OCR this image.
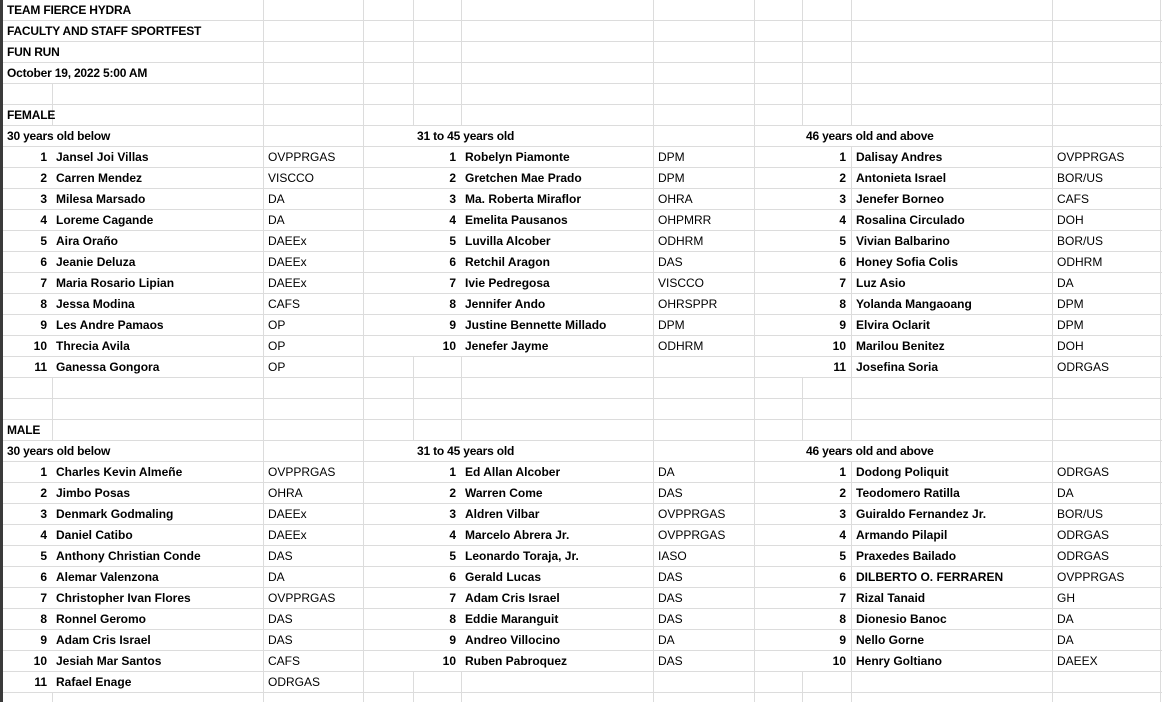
TEAM FIERCE HYDRA
FACULTY AND STAFF SPORTFEST
FUN RUN
October 19, 2022 5:00 AM
FEMALE
30 years old below
1 Jansel Joi Villas	OVPPRGAS
2 Carren Mendez	VISCCO
3 Milesa Marsado	DA
4 Loreme Cagande	DA
5 Aira Oraño	DAEEx
6 Jeanie Deluza	DAEEx
7 Maria Rosario Lipian	DAEEx
8 Jessa Modina	CAFS
9 Les Andre Pamaos	OP
10 Threcia Avila	OP
11 Ganessa Gongora	OP
31 to 45 years old
1 Robelyn Piamonte	DPM
2 Gretchen Mae Prado	DPM
3 Ma. Roberta Miraflor	OHRA
4 Emelita Pausanos	OHPMRR
5 Luvilla Alcober	ODHRM
6 Retchil Aragon	DAS
7 Ivie Pedregosa	VISCCO
8 Jennifer Ando	OHRSPPR
9 Justine Bennette Millado	DPM
10 Jenefer Jayme	ODHRM
46 years old and above
1 Dalisay Andres	OVPPRGAS
2 Antonieta Israel	BOR/US
3 Jenefer Borneo	CAFS
4 Rosalina Circulado	DOH
5 Vivian Balbarino	BOR/US
6 Honey Sofia Colis	ODHRM
7 Luz Asio	DA
8 Yolanda Mangaoang	DPM
9 Elvira Oclarit	DPM
10 Marilou Benitez	DOH
11 Josefina Soria	ODRGAS
MALE
30 years old below
1 Charles Kevin Almeñe	OVPPRGAS
2 Jimbo Posas	OHRA
3 Denmark Godmaling	DAEEx
4 Daniel Catibo	DAEEx
5 Anthony Christian Conde	DAS
6 Alemar Valenzona	DA
7 Christopher Ivan Flores	OVPPRGAS
8 Ronnel Geromo	DAS
9 Adam Cris Israel	DAS
10 Jesiah Mar Santos	CAFS
11 Rafael Enage	ODRGAS
31 to 45 years old
1 Ed Allan Alcober	DA
2 Warren Come	DAS
3 Aldren Vilbar	OVPPRGAS
4 Marcelo Abrera Jr.	OVPPRGAS
5 Leonardo Toraja, Jr.	IASO
6 Gerald Lucas	DAS
7 Adam Cris Israel	DAS
8 Eddie Maranguit	DAS
9 Andreo Villocino	DA
10 Ruben Pabroquez	DAS
46 years old and above
1 Dodong Poliquit	ODRGAS
2 Teodomero Ratilla	DA
3 Guiraldo Fernandez Jr.	BOR/US
4 Armando Pilapil	ODRGAS
5 Praxedes Bailado	ODRGAS
6 DILBERTO O. FERRAREN	OVPPRGAS
7 Rizal Tanaid	GH
8 Dionesio Banoc	DA
9 Nello Gorne	DA
10 Henry Goltiano	DAEEX
